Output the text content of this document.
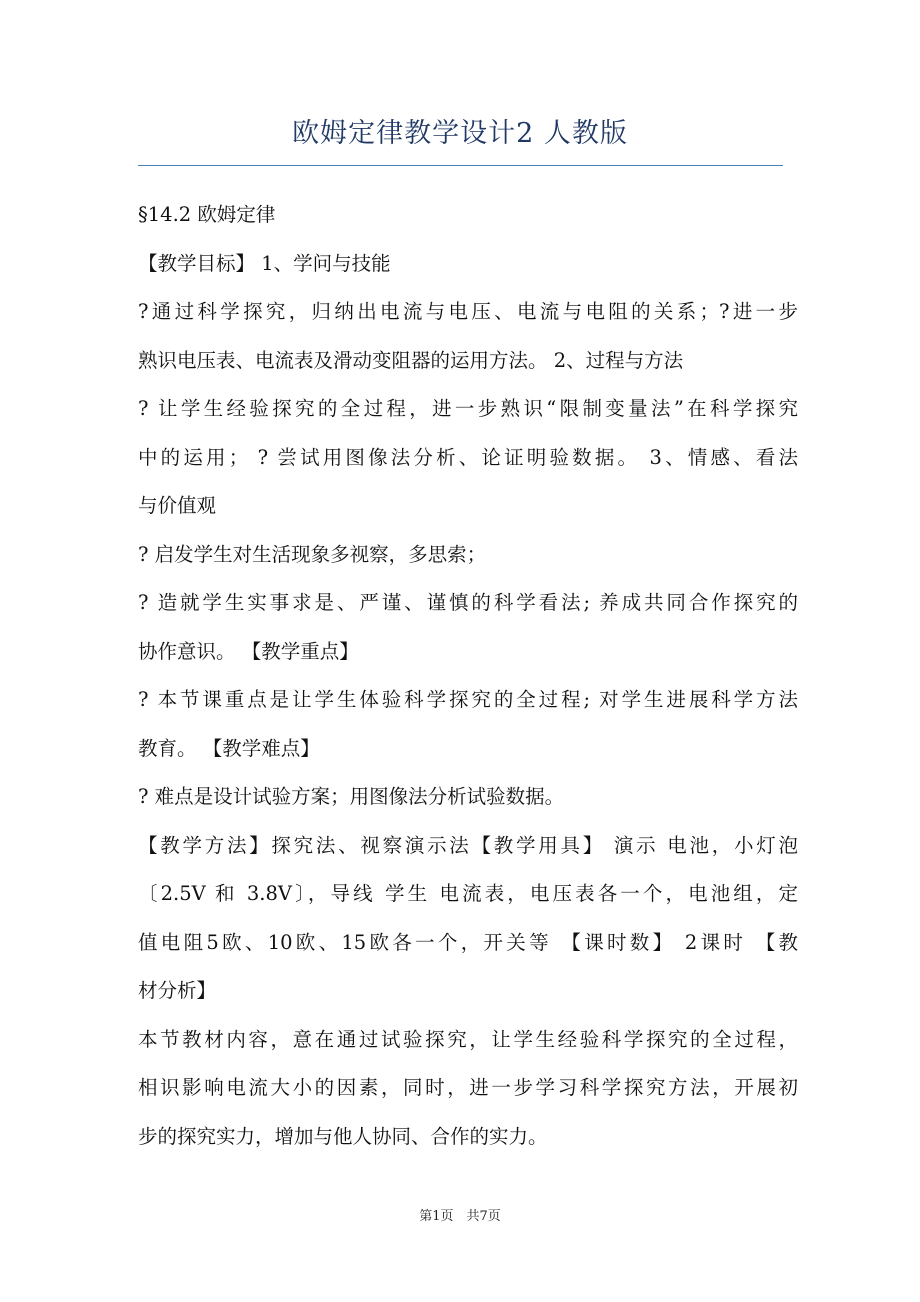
欧姆定律教学设计2 人教版
§14.2 欧姆定律
【教学目标】 1、学问与技能
?通过科学探究，归纳出电流与电压、电流与电阻的关系；?进一步
熟识电压表、电流表及滑动变阻器的运用方法。 2、过程与方法
? 让学生经验探究的全过程，进一步熟识“限制变量法”在科学探究
中的运用； ? 尝试用图像法分析、论证明验数据。 3、情感、看法
与价值观
? 启发学生对生活现象多视察，多思索；
? 造就学生实事求是、严谨、谨慎的科学看法; 养成共同合作探究的
协作意识。 【教学重点】
? 本节课重点是让学生体验科学探究的全过程; 对学生进展科学方法
教育。 【教学难点】
? 难点是设计试验方案；用图像法分析试验数据。
【教学方法】探究法、视察演示法【教学用具】 演示 电池，小灯泡
〔2.5V 和 3.8V〕，导线 学生 电流表，电压表各一个，电池组，定
值电阻5欧、10欧、15欧各一个，开关等 【课时数】 2课时 【教
材分析】
本节教材内容，意在通过试验探究，让学生经验科学探究的全过程，
相识影响电流大小的因素，同时，进一步学习科学探究方法，开展初
步的探究实力，增加与他人协同、合作的实力。
第1页　共7页
